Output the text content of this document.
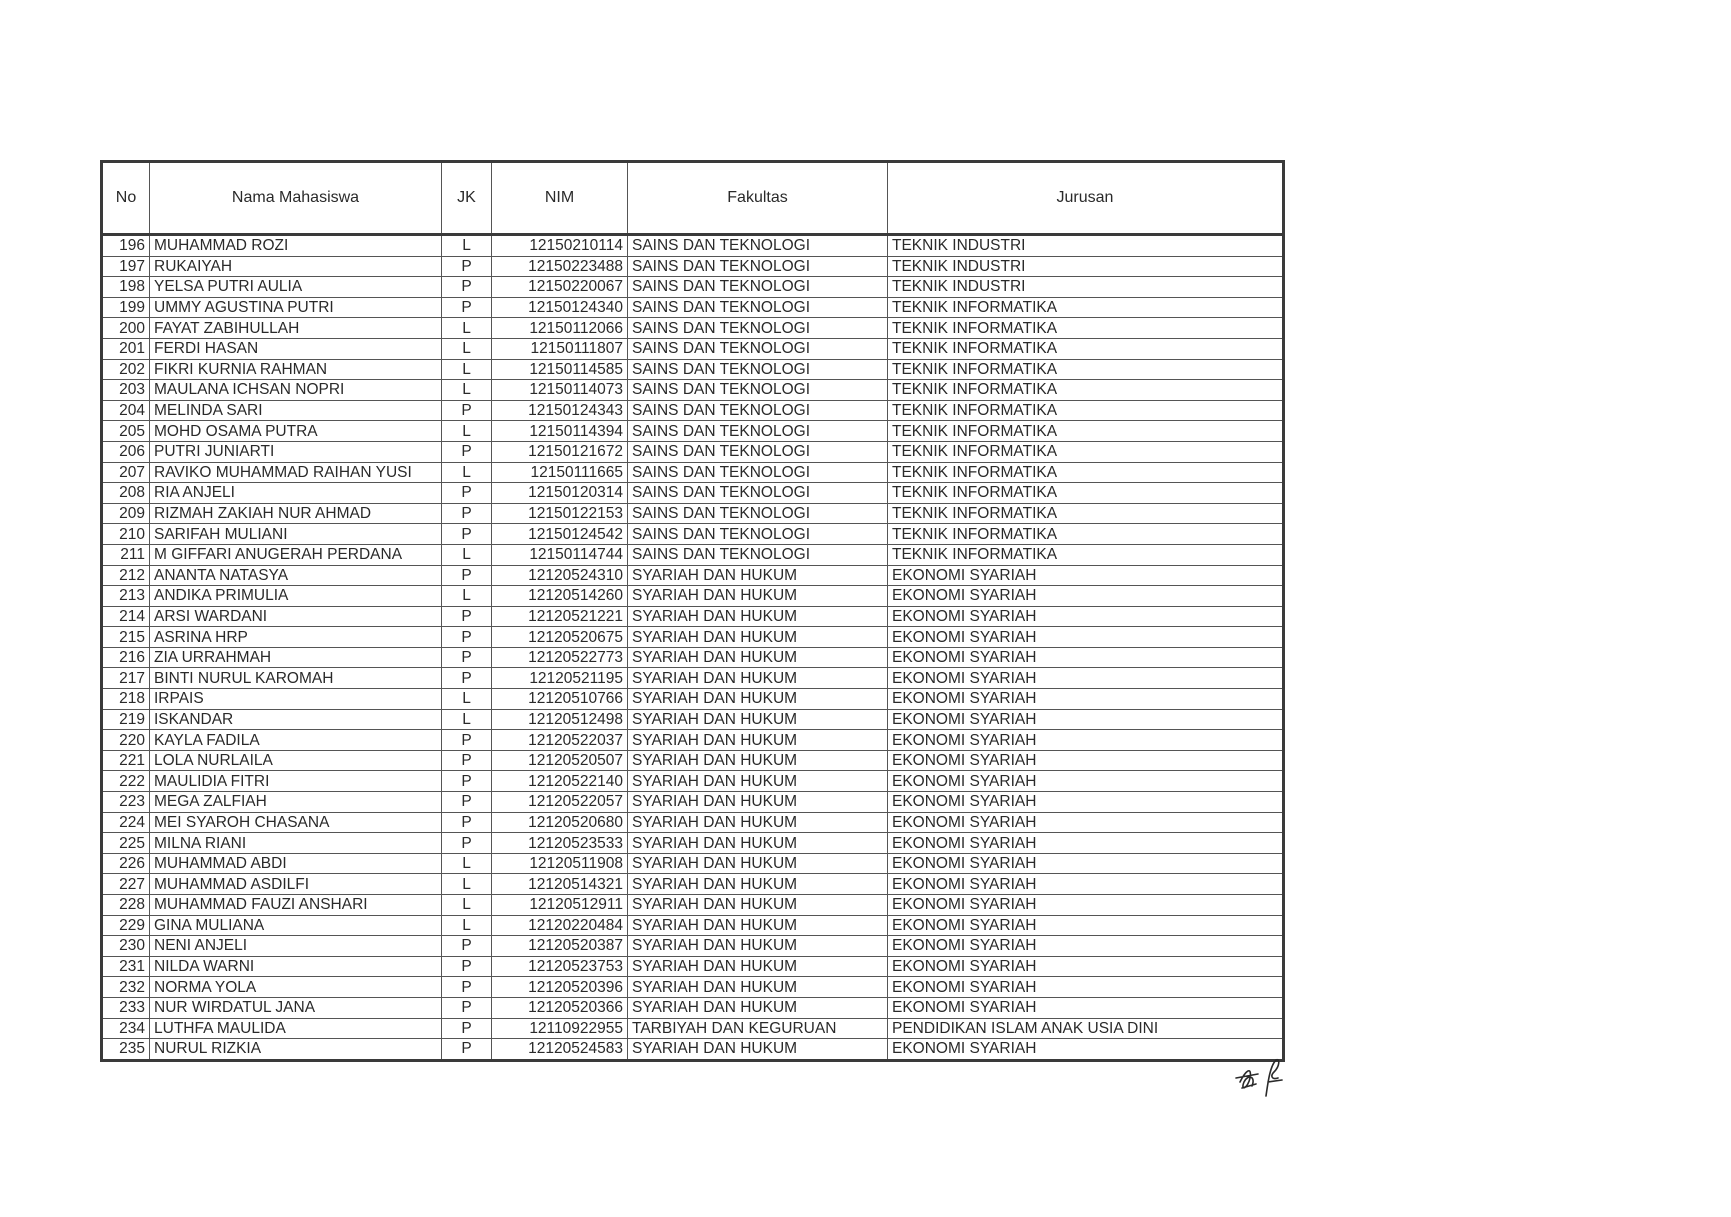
No	Nama Mahasiswa	JK	NIM	Fakultas	Jurusan
196	MUHAMMAD ROZI	L	12150210114	SAINS DAN TEKNOLOGI	TEKNIK INDUSTRI
197	RUKAIYAH	P	12150223488	SAINS DAN TEKNOLOGI	TEKNIK INDUSTRI
198	YELSA PUTRI AULIA	P	12150220067	SAINS DAN TEKNOLOGI	TEKNIK INDUSTRI
199	UMMY AGUSTINA PUTRI	P	12150124340	SAINS DAN TEKNOLOGI	TEKNIK INFORMATIKA
200	FAYAT ZABIHULLAH	L	12150112066	SAINS DAN TEKNOLOGI	TEKNIK INFORMATIKA
201	FERDI HASAN	L	12150111807	SAINS DAN TEKNOLOGI	TEKNIK INFORMATIKA
202	FIKRI KURNIA RAHMAN	L	12150114585	SAINS DAN TEKNOLOGI	TEKNIK INFORMATIKA
203	MAULANA ICHSAN NOPRI	L	12150114073	SAINS DAN TEKNOLOGI	TEKNIK INFORMATIKA
204	MELINDA SARI	P	12150124343	SAINS DAN TEKNOLOGI	TEKNIK INFORMATIKA
205	MOHD OSAMA PUTRA	L	12150114394	SAINS DAN TEKNOLOGI	TEKNIK INFORMATIKA
206	PUTRI JUNIARTI	P	12150121672	SAINS DAN TEKNOLOGI	TEKNIK INFORMATIKA
207	RAVIKO MUHAMMAD RAIHAN YUSI	L	12150111665	SAINS DAN TEKNOLOGI	TEKNIK INFORMATIKA
208	RIA ANJELI	P	12150120314	SAINS DAN TEKNOLOGI	TEKNIK INFORMATIKA
209	RIZMAH ZAKIAH NUR AHMAD	P	12150122153	SAINS DAN TEKNOLOGI	TEKNIK INFORMATIKA
210	SARIFAH MULIANI	P	12150124542	SAINS DAN TEKNOLOGI	TEKNIK INFORMATIKA
211	M GIFFARI ANUGERAH PERDANA	L	12150114744	SAINS DAN TEKNOLOGI	TEKNIK INFORMATIKA
212	ANANTA NATASYA	P	12120524310	SYARIAH DAN HUKUM	EKONOMI SYARIAH
213	ANDIKA PRIMULIA	L	12120514260	SYARIAH DAN HUKUM	EKONOMI SYARIAH
214	ARSI WARDANI	P	12120521221	SYARIAH DAN HUKUM	EKONOMI SYARIAH
215	ASRINA HRP	P	12120520675	SYARIAH DAN HUKUM	EKONOMI SYARIAH
216	ZIA URRAHMAH	P	12120522773	SYARIAH DAN HUKUM	EKONOMI SYARIAH
217	BINTI NURUL KAROMAH	P	12120521195	SYARIAH DAN HUKUM	EKONOMI SYARIAH
218	IRPAIS	L	12120510766	SYARIAH DAN HUKUM	EKONOMI SYARIAH
219	ISKANDAR	L	12120512498	SYARIAH DAN HUKUM	EKONOMI SYARIAH
220	KAYLA FADILA	P	12120522037	SYARIAH DAN HUKUM	EKONOMI SYARIAH
221	LOLA NURLAILA	P	12120520507	SYARIAH DAN HUKUM	EKONOMI SYARIAH
222	MAULIDIA FITRI	P	12120522140	SYARIAH DAN HUKUM	EKONOMI SYARIAH
223	MEGA ZALFIAH	P	12120522057	SYARIAH DAN HUKUM	EKONOMI SYARIAH
224	MEI SYAROH CHASANA	P	12120520680	SYARIAH DAN HUKUM	EKONOMI SYARIAH
225	MILNA RIANI	P	12120523533	SYARIAH DAN HUKUM	EKONOMI SYARIAH
226	MUHAMMAD ABDI	L	12120511908	SYARIAH DAN HUKUM	EKONOMI SYARIAH
227	MUHAMMAD ASDILFI	L	12120514321	SYARIAH DAN HUKUM	EKONOMI SYARIAH
228	MUHAMMAD FAUZI ANSHARI	L	12120512911	SYARIAH DAN HUKUM	EKONOMI SYARIAH
229	GINA MULIANA	L	12120220484	SYARIAH DAN HUKUM	EKONOMI SYARIAH
230	NENI ANJELI	P	12120520387	SYARIAH DAN HUKUM	EKONOMI SYARIAH
231	NILDA WARNI	P	12120523753	SYARIAH DAN HUKUM	EKONOMI SYARIAH
232	NORMA YOLA	P	12120520396	SYARIAH DAN HUKUM	EKONOMI SYARIAH
233	NUR WIRDATUL JANA	P	12120520366	SYARIAH DAN HUKUM	EKONOMI SYARIAH
234	LUTHFA MAULIDA	P	12110922955	TARBIYAH DAN KEGURUAN	PENDIDIKAN ISLAM ANAK USIA DINI
235	NURUL RIZKIA	P	12120524583	SYARIAH DAN HUKUM	EKONOMI SYARIAH
